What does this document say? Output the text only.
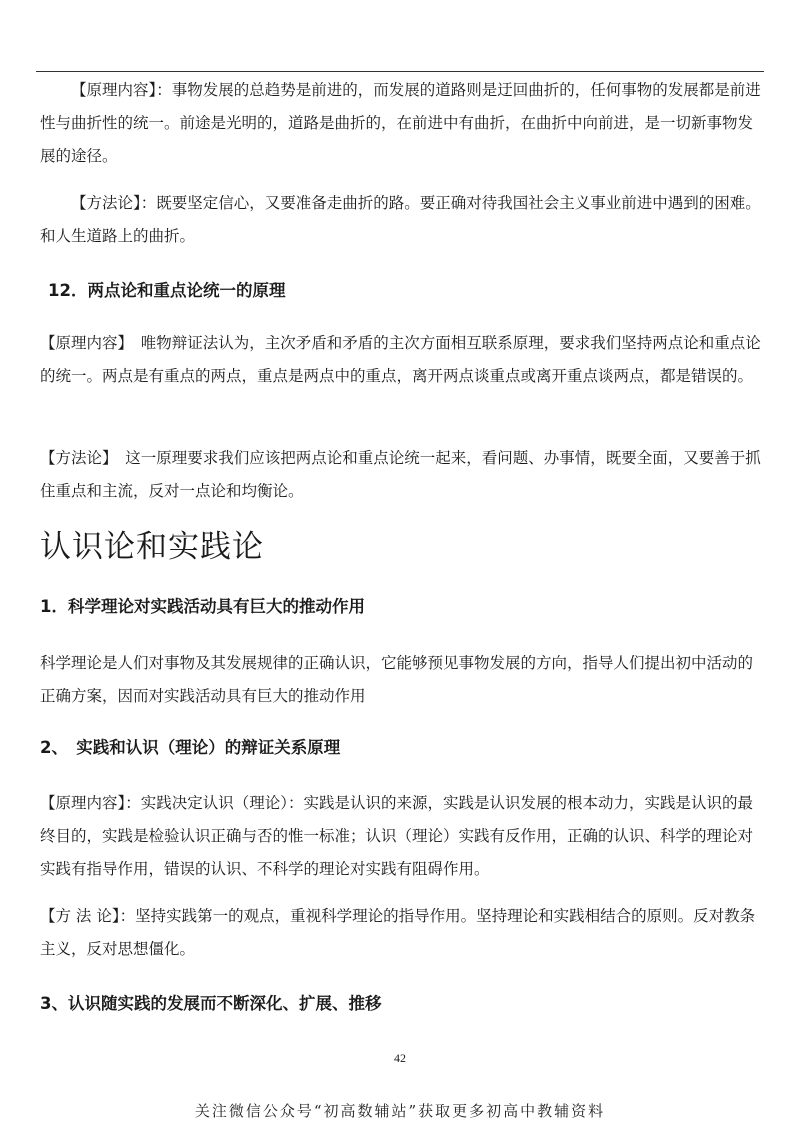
【原理内容】：事物发展的总趋势是前进的，而发展的道路则是迂回曲折的，任何事物的发展都是前进性与曲折性的统一。前途是光明的，道路是曲折的，在前进中有曲折，在曲折中向前进，是一切新事物发展的途径。

【方法论】：既要坚定信心，又要准备走曲折的路。要正确对待我国社会主义事业前进中遇到的困难。和人生道路上的曲折。

12．两点论和重点论统一的原理

【原理内容】　唯物辩证法认为，主次矛盾和矛盾的主次方面相互联系原理，要求我们坚持两点论和重点论的统一。两点是有重点的两点，重点是两点中的重点，离开两点谈重点或离开重点谈两点，都是错误的。

【方法论】　这一原理要求我们应该把两点论和重点论统一起来，看问题、办事情，既要全面，又要善于抓住重点和主流，反对一点论和均衡论。

认识论和实践论

1．科学理论对实践活动具有巨大的推动作用

科学理论是人们对事物及其发展规律的正确认识，它能够预见事物发展的方向，指导人们提出初中活动的正确方案，因而对实践活动具有巨大的推动作用

2、　实践和认识（理论）的辩证关系原理

【原理内容】：实践决定认识（理论）：实践是认识的来源，实践是认识发展的根本动力，实践是认识的最终目的，实践是检验认识正确与否的惟一标准；认识（理论）实践有反作用，正确的认识、科学的理论对实践有指导作用，错误的认识、不科学的理论对实践有阻碍作用。

【方 法 论】：坚持实践第一的观点，重视科学理论的指导作用。坚持理论和实践相结合的原则。反对教条主义，反对思想僵化。

3、认识随实践的发展而不断深化、扩展、推移

42
关注微信公众号“初高数辅站”获取更多初高中教辅资料
